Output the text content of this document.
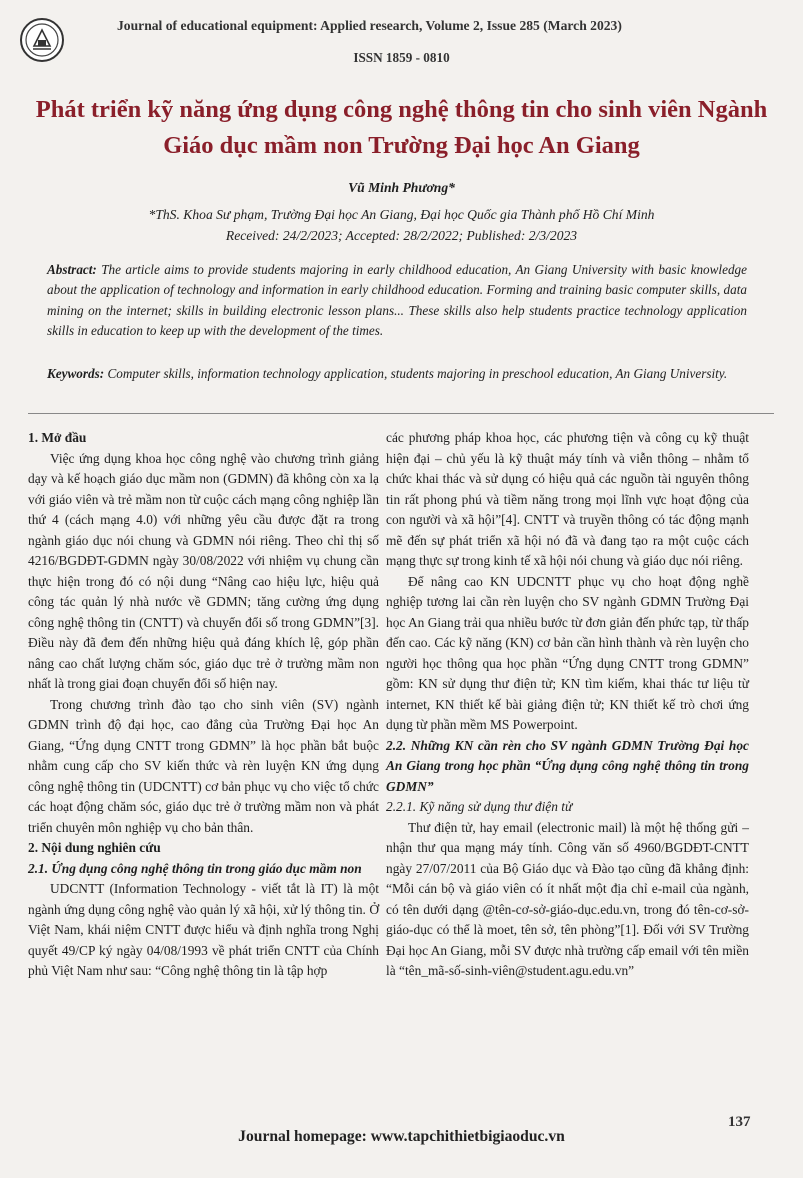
Journal of educational equipment: Applied research, Volume 2, Issue 285 (March 2023)
ISSN 1859 - 0810
Phát triển kỹ năng ứng dụng công nghệ thông tin cho sinh viên Ngành Giáo dục mầm non Trường Đại học An Giang
Vũ Minh Phương*
*ThS. Khoa Sư phạm, Trường Đại học An Giang, Đại học Quốc gia Thành phố Hồ Chí Minh
Received: 24/2/2023; Accepted: 28/2/2022; Published: 2/3/2023
Abstract: The article aims to provide students majoring in early childhood education, An Giang University with basic knowledge about the application of technology and information in early childhood education. Forming and training basic computer skills, data mining on the internet; skills in building electronic lesson plans... These skills also help students practice technology application skills in education to keep up with the development of the times.
Keywords: Computer skills, information technology application, students majoring in preschool education, An Giang University.
1. Mở đầu

Việc ứng dụng khoa học công nghệ vào chương trình giảng dạy và kế hoạch giáo dục mầm non (GDMN) đã không còn xa lạ với giáo viên và trẻ mầm non từ cuộc cách mạng công nghiệp lần thứ 4 (cách mạng 4.0) với những yêu cầu được đặt ra trong ngành giáo dục nói chung và GDMN nói riêng. Theo chỉ thị số 4216/BGDĐT-GDMN ngày 30/08/2022 với nhiệm vụ chung cần thực hiện trong đó có nội dung “Nâng cao hiệu lực, hiệu quả công tác quản lý nhà nước về GDMN; tăng cường ứng dụng công nghệ thông tin (CNTT) và chuyển đổi số trong GDMN”[3]. Điều này đã đem đến những hiệu quả đáng khích lệ, góp phần nâng cao chất lượng chăm sóc, giáo dục trẻ ở trường mầm non nhất là trong giai đoạn chuyển đổi số hiện nay.

Trong chương trình đào tạo cho sinh viên (SV) ngành GDMN trình độ đại học, cao đẳng của Trường Đại học An Giang, “Ứng dụng CNTT trong GDMN” là học phần bắt buộc nhằm cung cấp cho SV kiến thức và rèn luyện KN ứng dụng công nghệ thông tin (UDCNTT) cơ bản phục vụ cho việc tổ chức các hoạt động chăm sóc, giáo dục trẻ ở trường mầm non và phát triển chuyên môn nghiệp vụ cho bản thân.

2. Nội dung nghiên cứu
2.1. Ứng dụng công nghệ thông tin trong giáo dục mầm non

UDCNTT (Information Technology - viết tắt là IT) là một ngành ứng dụng công nghệ vào quản lý xã hội, xử lý thông tin. Ở Việt Nam, khái niệm CNTT được hiểu và định nghĩa trong Nghị quyết 49/CP ký ngày 04/08/1993 về phát triển CNTT của Chính phủ Việt Nam như sau: “Công nghệ thông tin là tập hợp

các phương pháp khoa học, các phương tiện và công cụ kỹ thuật hiện đại – chủ yếu là kỹ thuật máy tính và viễn thông – nhằm tổ chức khai thác và sử dụng có hiệu quả các nguồn tài nguyên thông tin rất phong phú và tiềm năng trong mọi lĩnh vực hoạt động của con người và xã hội”[4]. CNTT và truyền thông có tác động mạnh mẽ đến sự phát triển xã hội nó đã và đang tạo ra một cuộc cách mạng thực sự trong kinh tế xã hội nói chung và giáo dục nói riêng.

Để nâng cao KN UDCNTT phục vụ cho hoạt động nghề nghiệp tương lai cần rèn luyện cho SV ngành GDMN Trường Đại học An Giang trải qua nhiều bước từ đơn giản đến phức tạp, từ thấp đến cao. Các kỹ năng (KN) cơ bản cần hình thành và rèn luyện cho người học thông qua học phần “Ứng dụng CNTT trong GDMN” gồm: KN sử dụng thư điện tử; KN tìm kiếm, khai thác tư liệu từ internet, KN thiết kế bài giảng điện tử; KN thiết kế trò chơi ứng dụng từ phần mềm MS Powerpoint.

2.2. Những KN cần rèn cho SV ngành GDMN Trường Đại học An Giang trong học phần “Ứng dụng công nghệ thông tin trong GDMN”
2.2.1. Kỹ năng sử dụng thư điện tử

Thư điện tử, hay email (electronic mail) là một hệ thống gửi – nhận thư qua mạng máy tính. Công văn số 4960/BGDĐT-CNTT ngày 27/07/2011 của Bộ Giáo dục và Đào tạo cũng đã khẳng định: “Mỗi cán bộ và giáo viên có ít nhất một địa chỉ e-mail của ngành, có tên dưới dạng @tên-cơ-sở-giáo-dục.edu.vn, trong đó tên-cơ-sở-giáo-dục có thể là moet, tên sở, tên phòng”[1]. Đối với SV Trường Đại học An Giang, mỗi SV được nhà trường cấp email với tên miền là “tên_mã-số-sinh-viên@student.agu.edu.vn”

137
Journal homepage: www.tapchithietbigiaoduc.vn
